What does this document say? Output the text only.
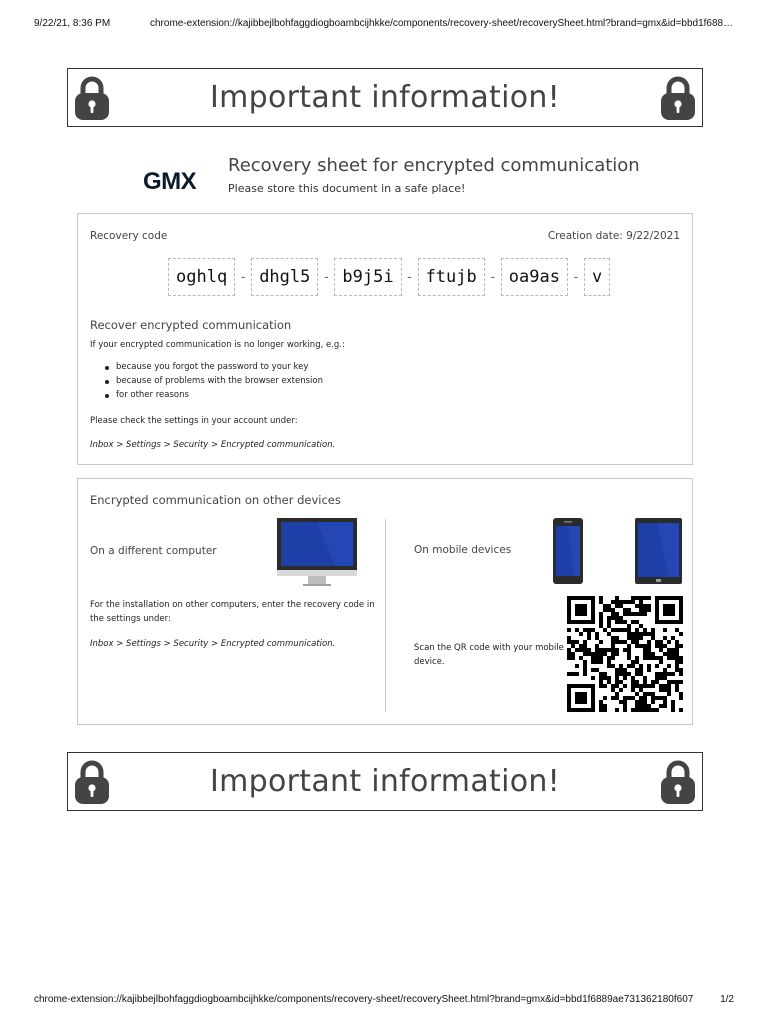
9/22/21, 8:36 PM	chrome-extension://kajibbejlbohfaggdiogboambcijhkke/components/recovery-sheet/recoverySheet.html?brand=gmx&id=bbd1f688…
Important information!
GMX
Recovery sheet for encrypted communication
Please store this document in a safe place!
Recovery code	Creation date: 9/22/2021
oghlq - dhgl5 - b9j5i - ftujb - oa9as - v
Recover encrypted communication
If your encrypted communication is no longer working, e.g.:
because you forgot the password to your key
because of problems with the browser extension
for other reasons
Please check the settings in your account under:
Inbox > Settings > Security > Encrypted communication.
Encrypted communication on other devices
On a different computer
For the installation on other computers, enter the recovery code in
the settings under:
Inbox > Settings > Security > Encrypted communication.
On mobile devices
Scan the QR code with your mobile
device.
Important information!
chrome-extension://kajibbejlbohfaggdiogboambcijhkke/components/recovery-sheet/recoverySheet.html?brand=gmx&id=bbd1f6889ae731362180f607	1/2
